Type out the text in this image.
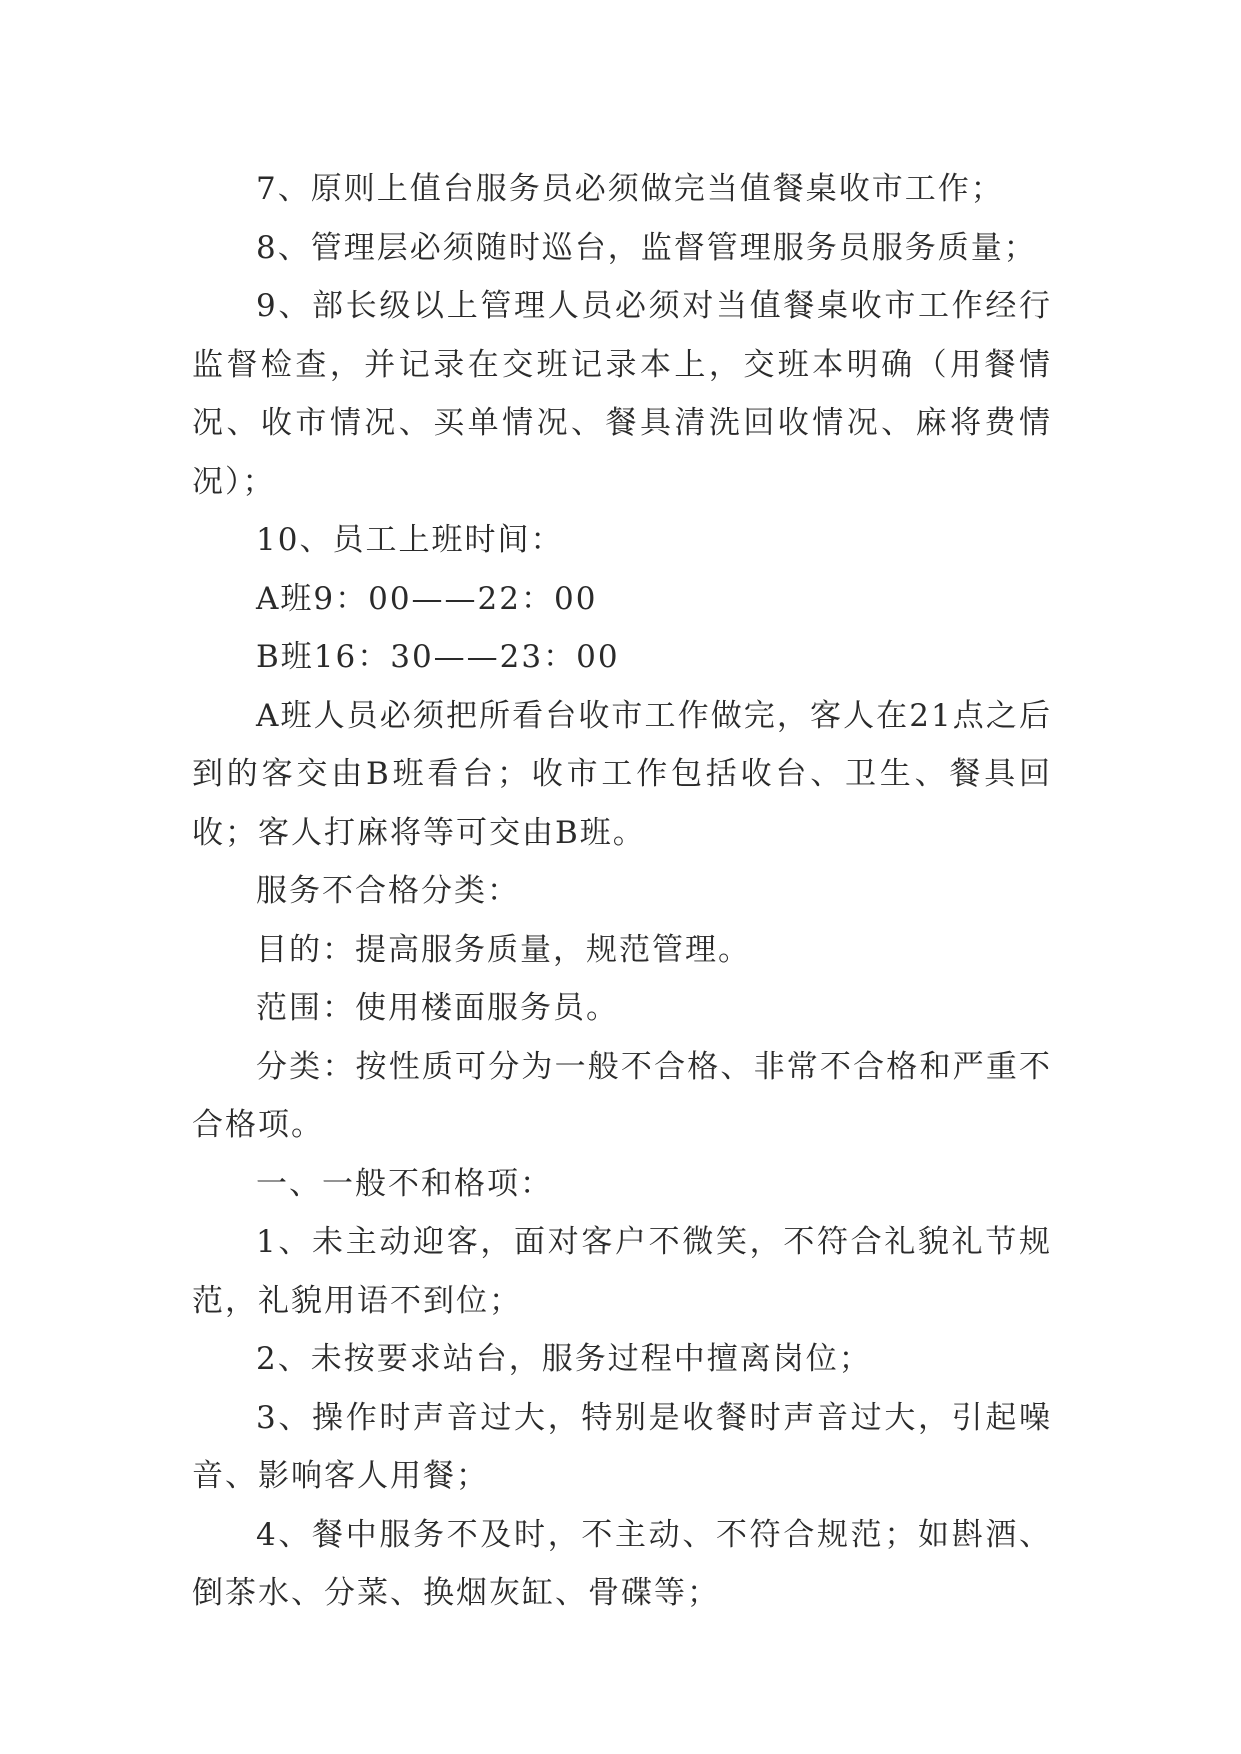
7、原则上值台服务员必须做完当值餐桌收市工作；

8、管理层必须随时巡台，监督管理服务员服务质量；

9、部长级以上管理人员必须对当值餐桌收市工作经行监督检查，并记录在交班记录本上，交班本明确（用餐情况、收市情况、买单情况、餐具清洗回收情况、麻将费情况）；

10、员工上班时间：

A班9：00——22：00

B班16：30——23：00

A班人员必须把所看台收市工作做完，客人在21点之后到的客交由B班看台；收市工作包括收台、卫生、餐具回收；客人打麻将等可交由B班。

服务不合格分类：

目的：提高服务质量，规范管理。

范围：使用楼面服务员。

分类：按性质可分为一般不合格、非常不合格和严重不合格项。

一、一般不和格项：

1、未主动迎客，面对客户不微笑，不符合礼貌礼节规范，礼貌用语不到位；

2、未按要求站台，服务过程中擅离岗位；

3、操作时声音过大，特别是收餐时声音过大，引起噪音、影响客人用餐；

4、餐中服务不及时，不主动、不符合规范；如斟酒、倒茶水、分菜、换烟灰缸、骨碟等；
